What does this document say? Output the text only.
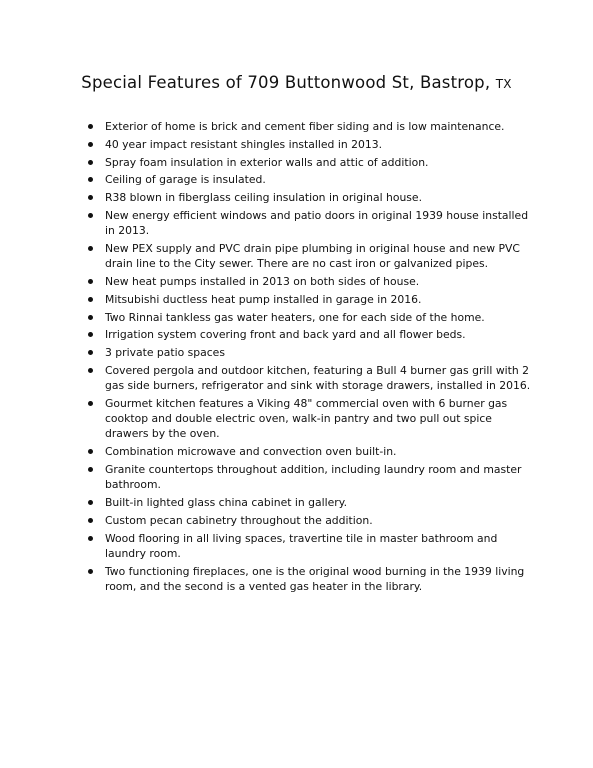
Special Features of 709 Buttonwood St, Bastrop, TX
Exterior of home is brick and cement fiber siding and is low maintenance.
40 year impact resistant shingles installed in 2013.
Spray foam insulation in exterior walls and attic of addition.
Ceiling of garage is insulated.
R38 blown in fiberglass ceiling insulation in original house.
New energy efficient windows and patio doors in original 1939 house installed in 2013.
New PEX supply and PVC drain pipe plumbing in original house and new PVC drain line to the City sewer. There are no cast iron or galvanized pipes.
New heat pumps installed in 2013 on both sides of house.
Mitsubishi ductless heat pump installed in garage in 2016.
Two Rinnai tankless gas water heaters, one for each side of the home.
Irrigation system covering front and back yard and all flower beds.
3 private patio spaces
Covered pergola and outdoor kitchen, featuring a Bull 4 burner gas grill with 2 gas side burners, refrigerator and sink with storage drawers, installed in 2016.
Gourmet kitchen features a Viking 48" commercial oven with 6 burner gas cooktop and double electric oven, walk-in pantry and two pull out spice drawers by the oven.
Combination microwave and convection oven built-in.
Granite countertops throughout addition, including laundry room and master bathroom.
Built-in lighted glass china cabinet in gallery.
Custom pecan cabinetry throughout the addition.
Wood flooring in all living spaces, travertine tile in master bathroom and laundry room.
Two functioning fireplaces, one is the original wood burning in the 1939 living room, and the second is a vented gas heater in the library.
